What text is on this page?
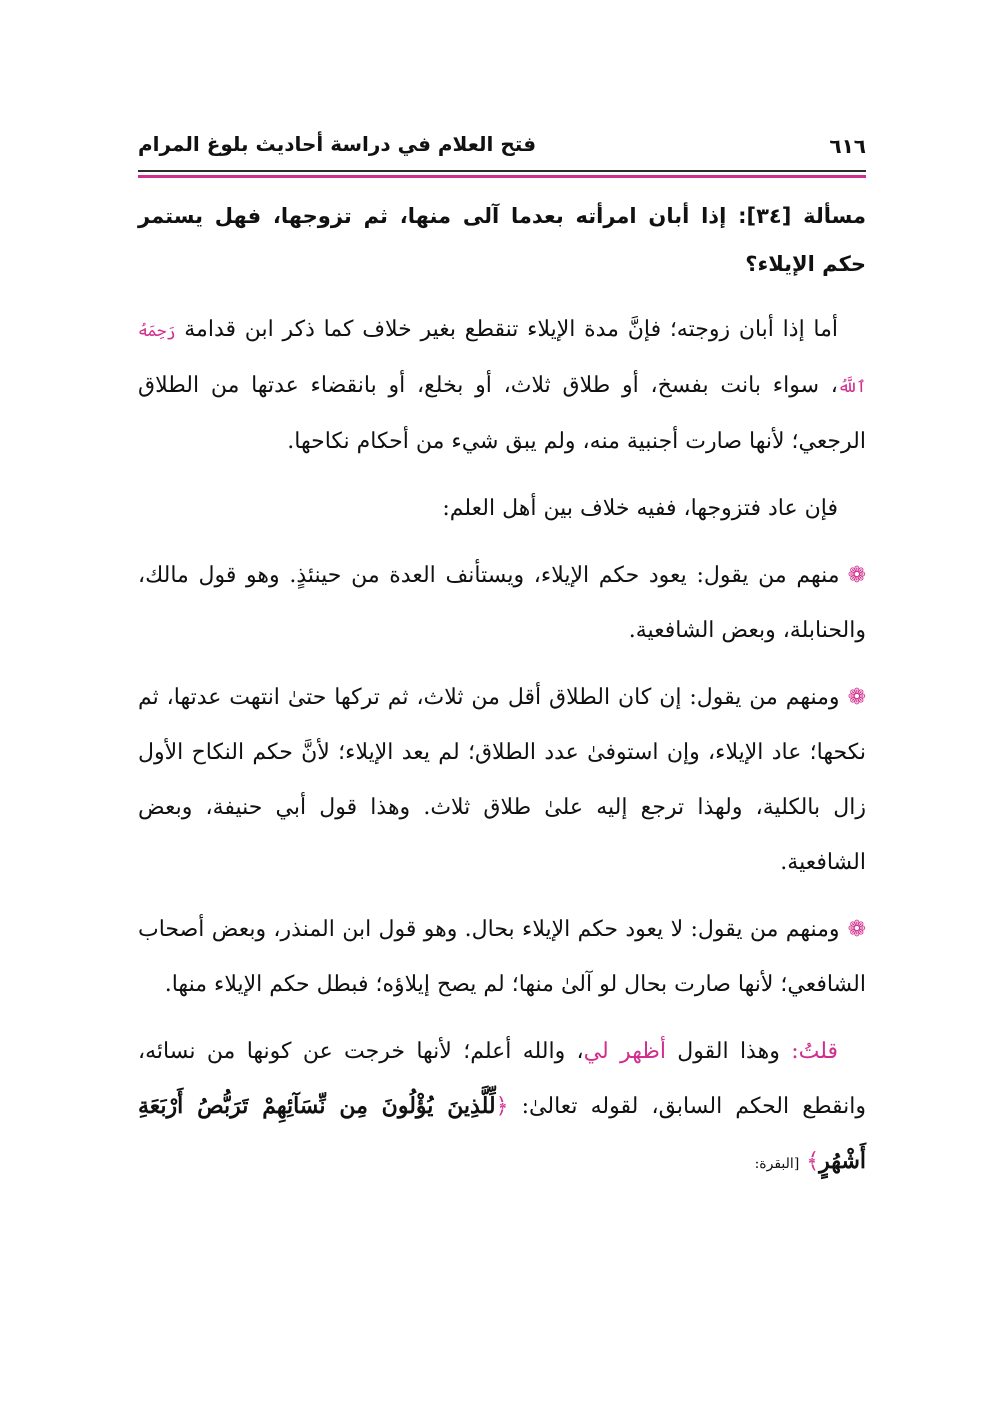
٦١٦
فتح العلام في دراسة أحاديث بلوغ المرام

مسألة [٣٤]: إذا أبان امرأته بعدما آلى منها، ثم تزوجها، فهل يستمر حكم الإيلاء؟

أما إذا أبان زوجته؛ فإنَّ مدة الإيلاء تنقطع بغير خلاف كما ذكر ابن قدامة رَحِمَهُ ٱللَّهُ، سواء بانت بفسخ، أو طلاق ثلاث، أو بخلع، أو بانقضاء عدتها من الطلاق الرجعي؛ لأنها صارت أجنبية منه، ولم يبق شيء من أحكام نكاحها.

فإن عاد فتزوجها، ففيه خلاف بين أهل العلم:

❁منهم من يقول: يعود حكم الإيلاء، ويستأنف العدة من حينئذٍ. وهو قول مالك، والحنابلة، وبعض الشافعية.

❁ومنهم من يقول: إن كان الطلاق أقل من ثلاث، ثم تركها حتىٰ انتهت عدتها، ثم نكحها؛ عاد الإيلاء، وإن استوفىٰ عدد الطلاق؛ لم يعد الإيلاء؛ لأنَّ حكم النكاح الأول زال بالكلية، ولهذا ترجع إليه علىٰ طلاق ثلاث. وهذا قول أبي حنيفة، وبعض الشافعية.

❁ومنهم من يقول: لا يعود حكم الإيلاء بحال. وهو قول ابن المنذر، وبعض أصحاب الشافعي؛ لأنها صارت بحال لو آلىٰ منها؛ لم يصح إيلاؤه؛ فبطل حكم الإيلاء منها.

قلتُ: وهذا القول أظهر لي، والله أعلم؛ لأنها خرجت عن كونها من نسائه، وانقطع الحكم السابق، لقوله تعالىٰ: ﴿لِّلَّذِينَ يُؤْلُونَ مِن نِّسَآئِهِمْ تَرَبُّصُ أَرْبَعَةِ أَشْهُرٍ﴾ [البقرة:
